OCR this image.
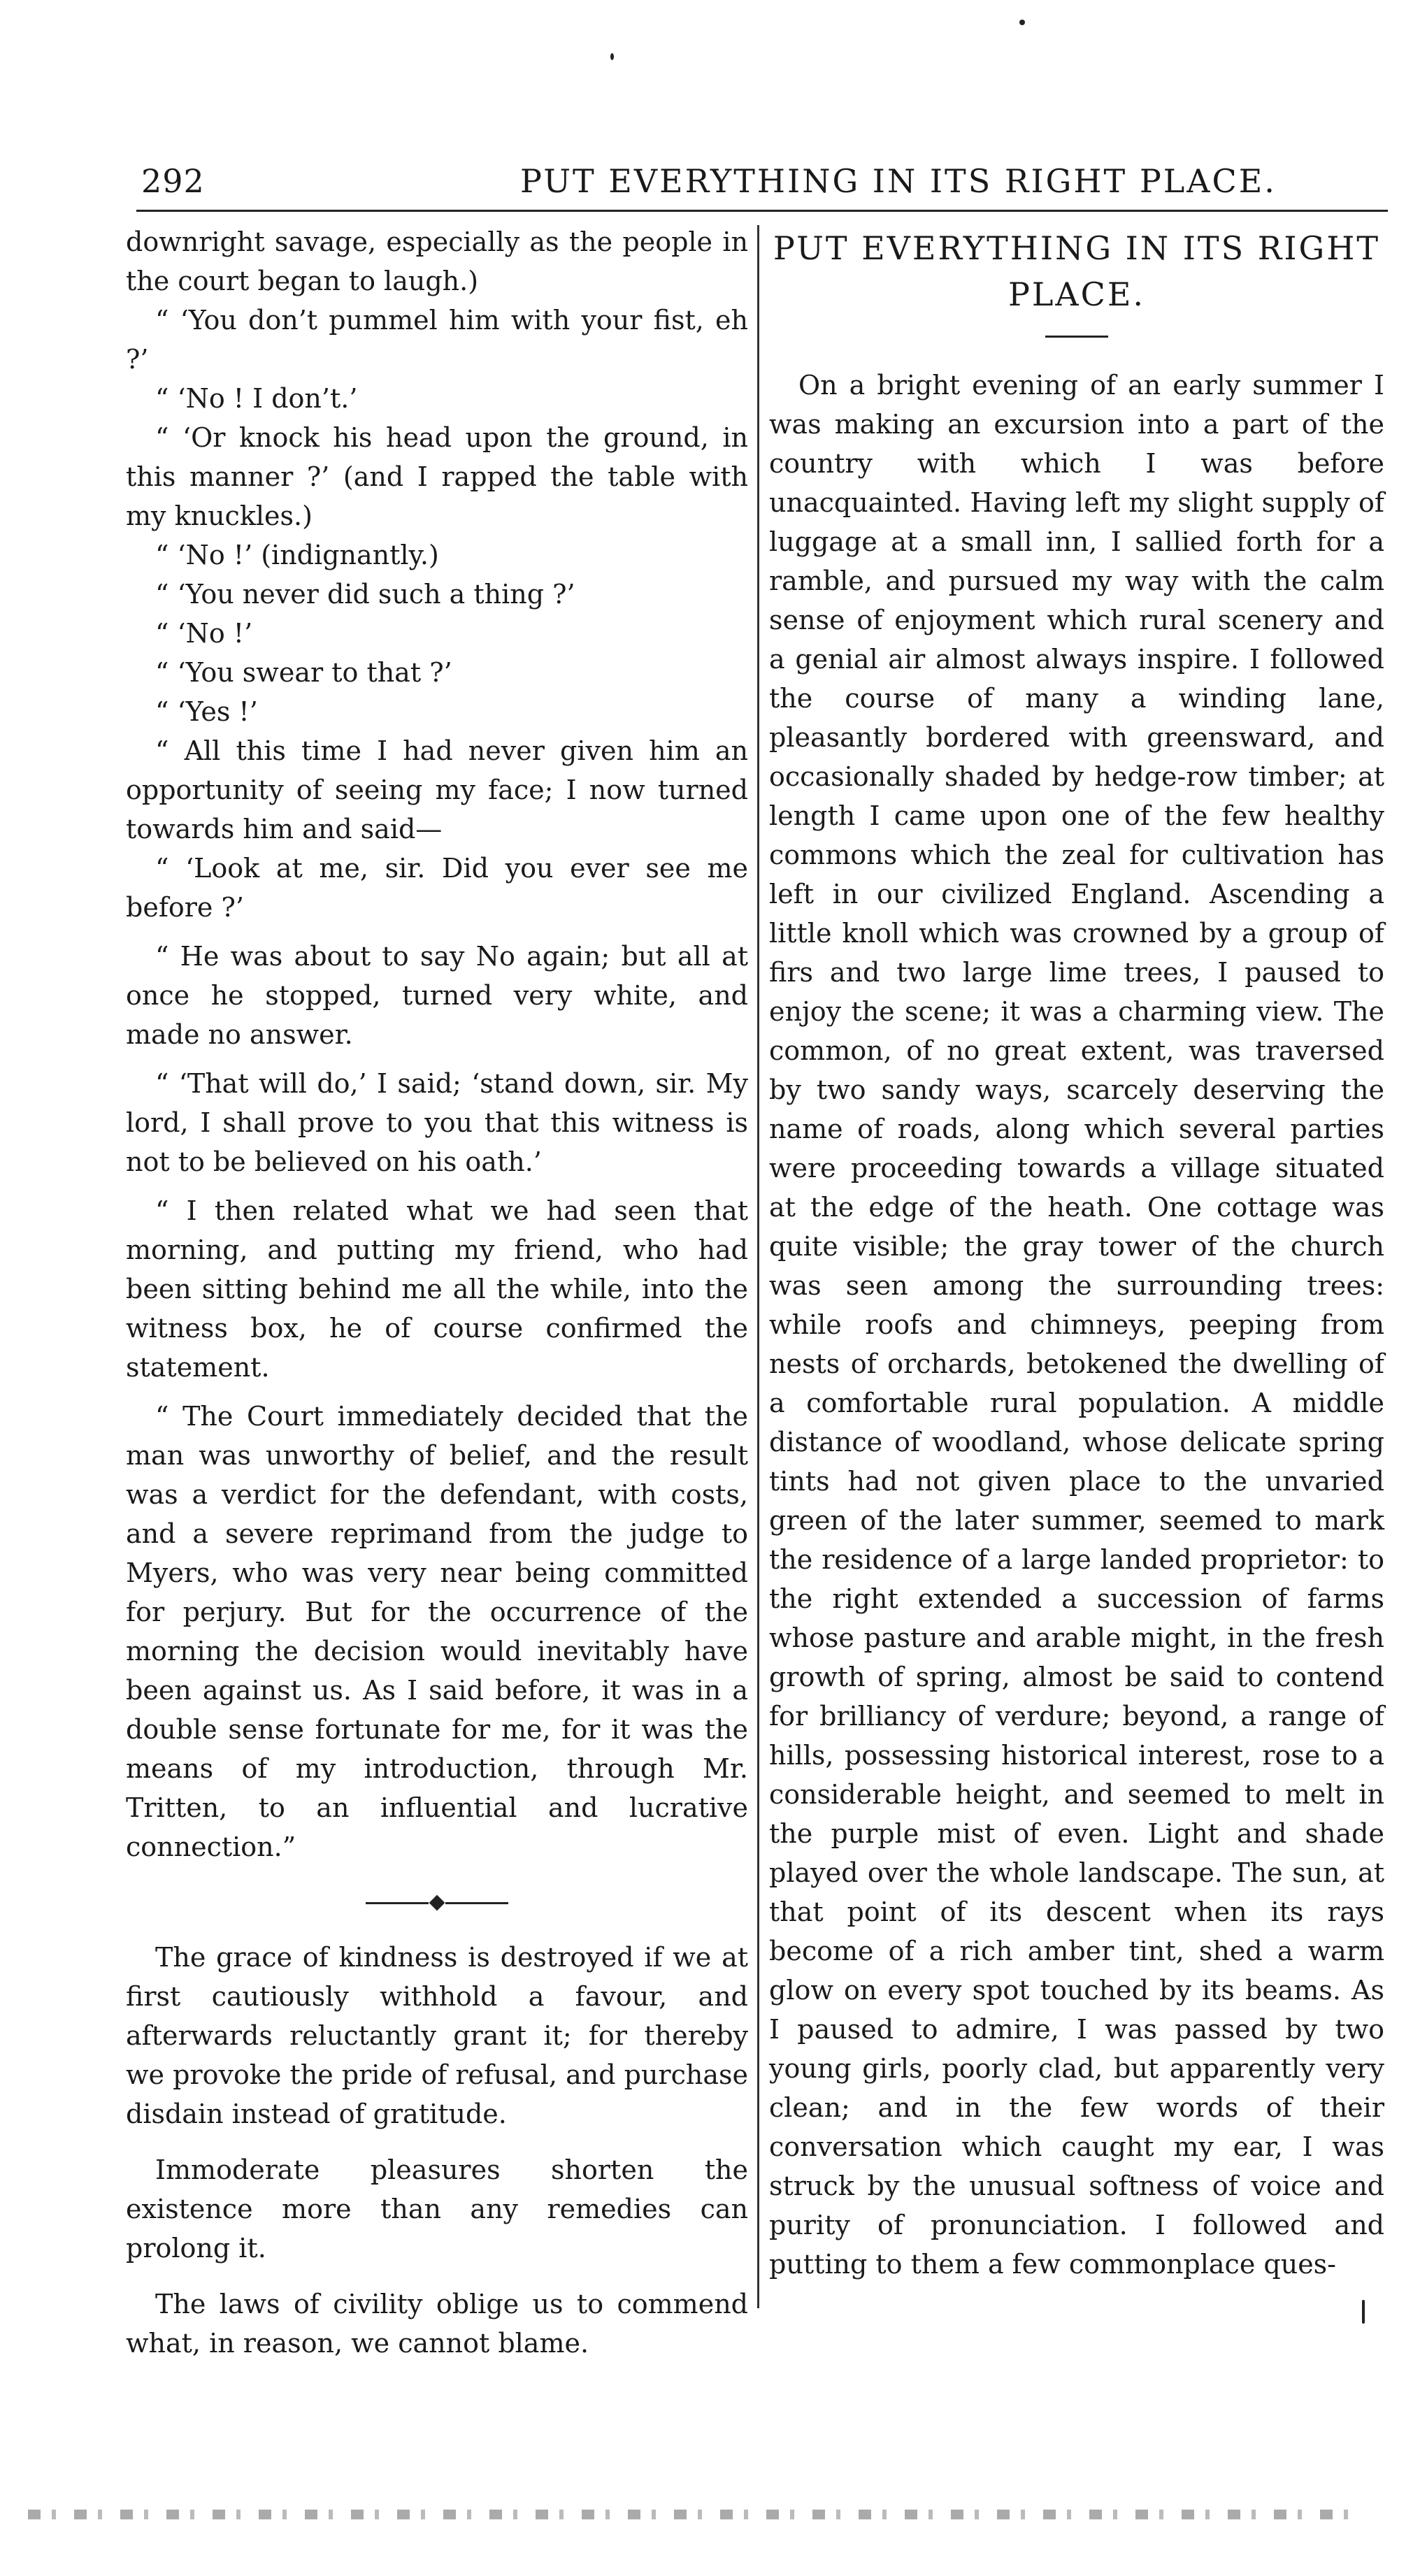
292	PUT EVERYTHING IN ITS RIGHT PLACE.

downright savage, especially as the people in the court began to laugh.)

“ ‘You don’t pummel him with your fist, eh ?’

“ ‘No ! I don’t.’

“ ‘Or knock his head upon the ground, in this manner ?’ (and I rapped the table with my knuckles.)

“ ‘No !’ (indignantly.)

“ ‘You never did such a thing ?’

“ ‘No !’

“ ‘You swear to that ?’

“ ‘Yes !’

“ All this time I had never given him an opportunity of seeing my face; I now turned towards him and said—

“ ‘Look at me, sir. Did you ever see me before ?’

“ He was about to say No again; but all at once he stopped, turned very white, and made no answer.

“ ‘That will do,’ I said; ‘stand down, sir. My lord, I shall prove to you that this witness is not to be believed on his oath.’

“ I then related what we had seen that morning, and putting my friend, who had been sitting behind me all the while, into the witness box, he of course confirmed the statement.

“ The Court immediately decided that the man was unworthy of belief, and the result was a verdict for the defendant, with costs, and a severe reprimand from the judge to Myers, who was very near being committed for perjury. But for the occurrence of the morning the decision would inevitably have been against us. As I said before, it was in a double sense fortunate for me, for it was the means of my introduction, through Mr. Tritten, to an influential and lucrative connection.”

The grace of kindness is destroyed if we at first cautiously withhold a favour, and afterwards reluctantly grant it; for thereby we provoke the pride of refusal, and purchase disdain instead of gratitude.

Immoderate pleasures shorten the existence more than any remedies can prolong it.

The laws of civility oblige us to commend what, in reason, we cannot blame.

PUT EVERYTHING IN ITS RIGHT PLACE.

On a bright evening of an early summer I was making an excursion into a part of the country with which I was before unacquainted. Having left my slight supply of luggage at a small inn, I sallied forth for a ramble, and pursued my way with the calm sense of enjoyment which rural scenery and a genial air almost always inspire. I followed the course of many a winding lane, pleasantly bordered with greensward, and occasionally shaded by hedge-row timber; at length I came upon one of the few healthy commons which the zeal for cultivation has left in our civilized England. Ascending a little knoll which was crowned by a group of firs and two large lime trees, I paused to enjoy the scene; it was a charming view. The common, of no great extent, was traversed by two sandy ways, scarcely deserving the name of roads, along which several parties were proceeding towards a village situated at the edge of the heath. One cottage was quite visible; the gray tower of the church was seen among the surrounding trees: while roofs and chimneys, peeping from nests of orchards, betokened the dwelling of a comfortable rural population. A middle distance of woodland, whose delicate spring tints had not given place to the unvaried green of the later summer, seemed to mark the residence of a large landed proprietor: to the right extended a succession of farms whose pasture and arable might, in the fresh growth of spring, almost be said to contend for brilliancy of verdure; beyond, a range of hills, possessing historical interest, rose to a considerable height, and seemed to melt in the purple mist of even. Light and shade played over the whole landscape. The sun, at that point of its descent when its rays become of a rich amber tint, shed a warm glow on every spot touched by its beams. As I paused to admire, I was passed by two young girls, poorly clad, but apparently very clean; and in the few words of their conversation which caught my ear, I was struck by the unusual softness of voice and purity of pronunciation. I followed and putting to them a few commonplace ques-
